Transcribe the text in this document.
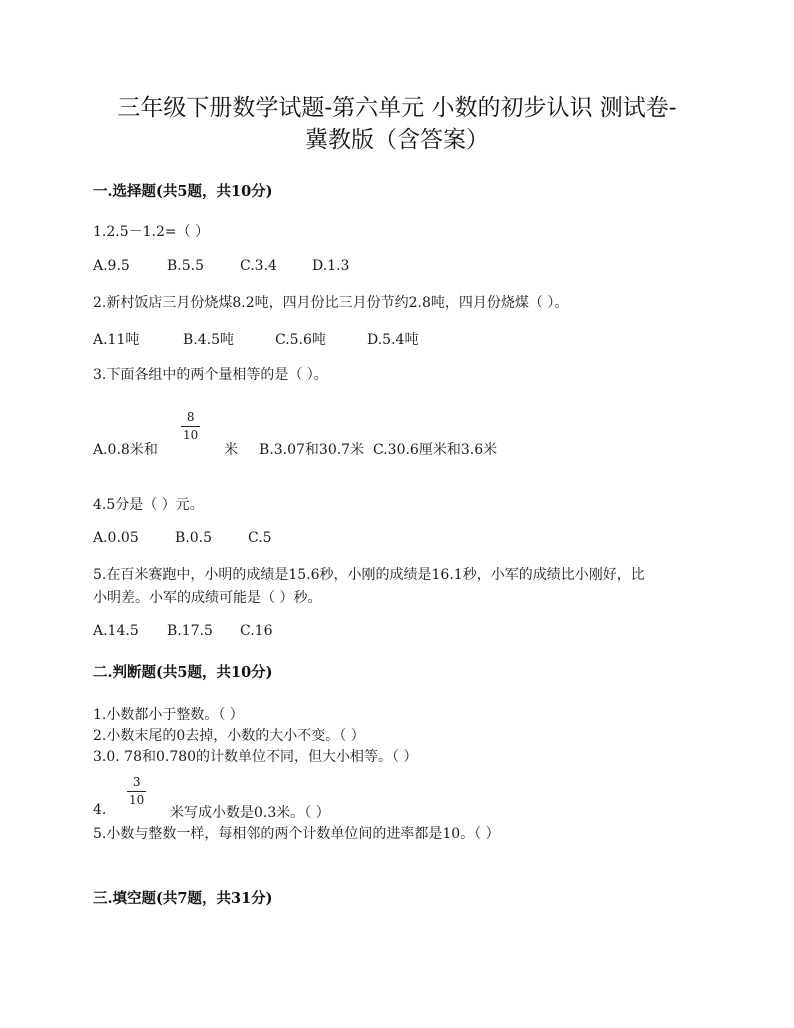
三年级下册数学试题-第六单元 小数的初步认识 测试卷-
冀教版（含答案）
一.选择题(共5题，共10分)
1.2.5－1.2=（ ）
A.9.5	B.5.5	C.3.4	D.1.3
2.新村饭店三月份烧煤8.2吨，四月份比三月份节约2.8吨，四月份烧煤（ ）。
A.11吨	B.4.5吨	C.5.6吨	D.5.4吨
3.下面各组中的两个量相等的是（ ）。
A.0.8米和
8
10
米 B.3.07和30.7米 C.30.6厘米和3.6米
4.5分是（ ）元。
A.0.05	B.0.5	C.5
5.在百米赛跑中，小明的成绩是15.6秒，小刚的成绩是16.1秒，小军的成绩比小刚好，比
小明差。小军的成绩可能是（ ）秒。
A.14.5 B.17.5 C.16
二.判断题(共5题，共10分)
1.小数都小于整数。（ ）
2.小数末尾的0去掉，小数的大小不变。（ ）
3.0. 78和0.780的计数单位不同，但大小相等。（ ）
4.
3
10
米写成小数是0.3米。（ ）
5.小数与整数一样，每相邻的两个计数单位间的进率都是10。（ ）
三.填空题(共7题，共31分)
